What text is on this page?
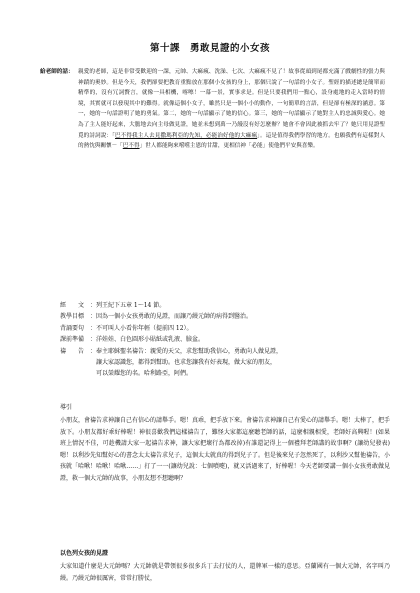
第十課　勇敢見證的小女孩
給老師的話： 親愛的老師，這是非常受歡迎的一課，元帥、大痲瘋、洗澡、七次、大痲瘋不見了！故事從頭到尾都充滿了戲劇性的張力與神蹟的奧妙。但是今天，我們卻要把教育重點放在那個小女孩的身上，那個只說了一句話的小女子。聖經的描述總是簡單而精準的，沒有冗詞贅言，就像一具相機，喀嚓！一幕一景，實事求是。但是只要我們用一點心，設身處地的走入當時的情境，其實就可以發現其中的難得。就像這個小女子，雖然只是一個小小的動作，一句簡單的言語，但是卻有極深的涵意。第一，她的一句話證明了她的勇氣。第二，她的一句話顯示了她的信心。第三，她的一句話顯示了她對主人的忠誠與愛心。她為了主人能好起來，大膽地去向主母做見證，她並未想到萬一乃縵沒有好怎麼辦？她會不會因此被抓去牢了？她只用見證聖覓的詩詞說：「巴不得我主人去見撒瑪利亞的先知，必能治好他的大痲瘋」。這是值得我們學習的地方。也願我們有這樣對人的熱忱與關懷－「巴不得」世人都能夠來嚐嚐主恩的甘甜，更相信神「必能」使他們平安與喜樂。
經　　文 ： 列王紀下五章 1～14 節。
教學目標 ： 因為一個小女孩勇敢的見證，而讓乃縵元帥的病得到醫治。
背誦要句 ： 不可叫人小看你年輕（提前四 12）。
課前準備 ： 洋娃娃、白色圓形小貼紙或乳液、臉盆。
禱　　告 ： 奉主耶穌聖名禱告：親愛的天父，求您幫助我信心，勇敢向人做見證，
讓大家認識您，都得到幫助。也求您讓我有好表現，做大家的朋友，
可以榮耀您的名。哈利路亞，阿們。
導引
小朋友，會禱告求神讓自己有信心的請舉手。嗯！真乖，把手放下來。會禱告求神讓自己有愛心的請舉手。嗯！太棒了，把手放下。小朋友都好乖好棒喔！神很喜歡我們這樣禱告了，難怪大家都這麼聽老師的話，這麼相親相愛，老師好高興喔！(如果班上情況不佳，可趁機請大家一起禱告求神，讓大家把壞行為都改掉)有誰還記得上一個禮拜老師講的故事啊？(讓幼兒發表)嗯！以利沙先知幫好心的書念太太禱告求兒子，這個太太就真的得到兒子了。但是後來兒子忽然死了，以利沙又幫他禱告，小孩就「哈啾！哈啾！哈啾……」打了一一(讓幼兒說：七個噴嚏)，就又活過來了，好棒喔！今天老師要講一個小女孩勇敢做見證，救一個大元帥的故事，小朋友想不想聽啊？
以色列女孩的見證
大家知道什麼是大元帥嗎？大元帥就是帶領很多很多兵丁去打仗的人，還牌軍一樣的意思。亞蘭國有一個大元帥，名字叫乃縵。乃縵元帥很厲害，常常打勝仗，
